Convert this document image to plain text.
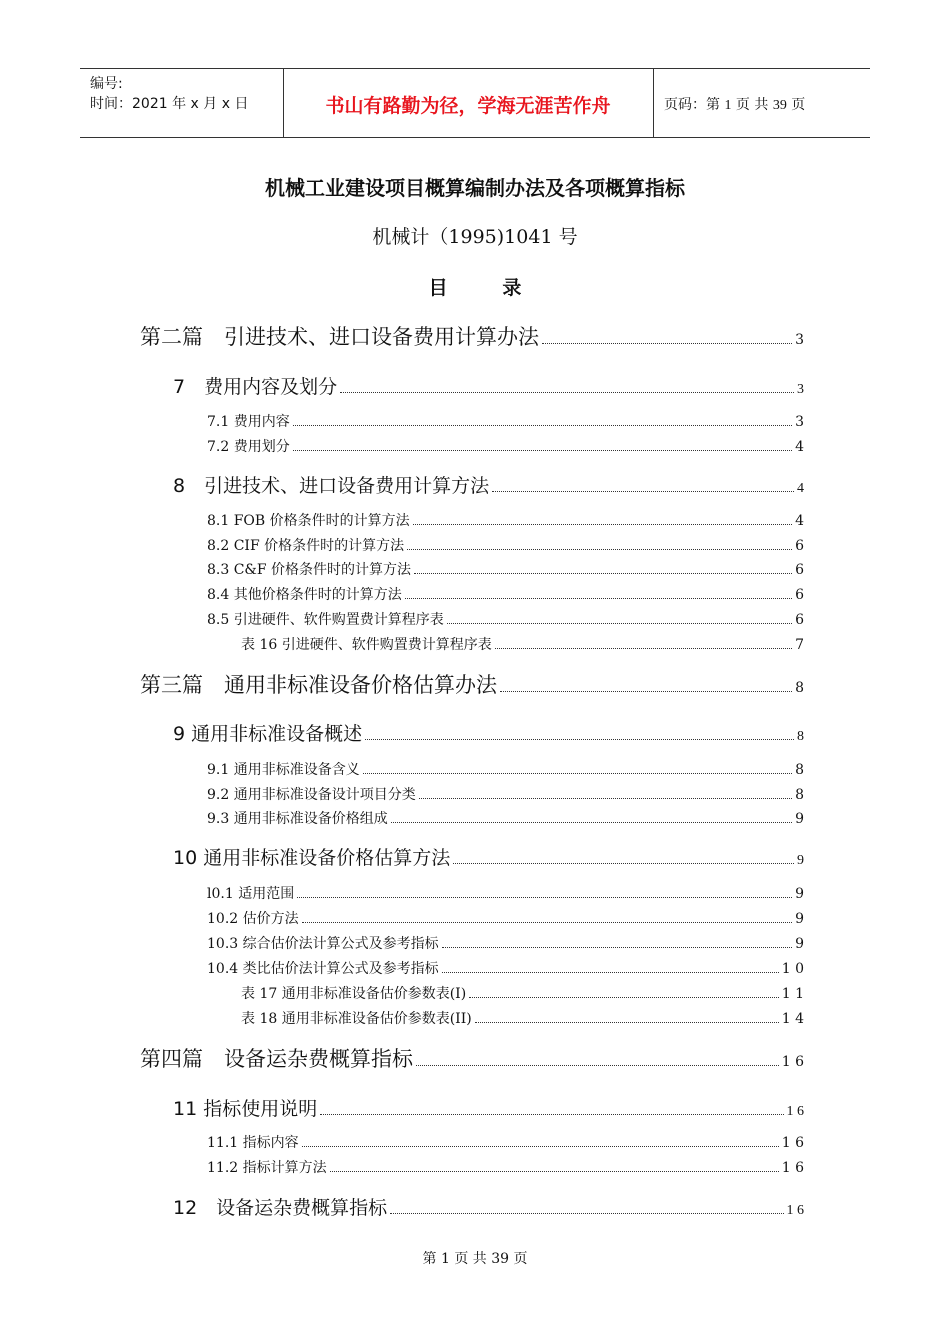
编号:
时间：2021 年 x 月 x 日	书山有路勤为径，学海无涯苦作舟	页码：第 1 页 共 39 页
机械工业建设项目概算编制办法及各项概算指标
机械计（1995)1041 号
目	录
第二篇　引进技术、进口设备费用计算办法	3
7　费用内容及划分	3
7.1 费用内容	3
7.2 费用划分	4
8　引进技术、进口设备费用计算方法	4
8.1 FOB 价格条件时的计算方法	4
8.2 CIF 价格条件时的计算方法	6
8.3 C&F 价格条件时的计算方法	6
8.4 其他价格条件时的计算方法	6
8.5 引进硬件、软件购置费计算程序表	6
表 16 引进硬件、软件购置费计算程序表	7
第三篇　通用非标准设备价格估算办法	8
9 通用非标准设备概述	8
9.1 通用非标准设备含义	8
9.2 通用非标准设备设计项目分类	8
9.3 通用非标准设备价格组成	9
10 通用非标准设备价格估算方法	9
l0.1 适用范围	9
10.2 估价方法	9
10.3 综合估价法计算公式及参考指标	9
10.4 类比估价法计算公式及参考指标	1 0
表 17 通用非标准设备估价参数表(I)	1 1
表 18 通用非标准设备估价参数表(II)	1 4
第四篇　设备运杂费概算指标	1 6
11 指标使用说明	1 6
11.1 指标内容	1 6
11.2 指标计算方法	1 6
12　设备运杂费概算指标	1 6
第 1 页 共 39 页
